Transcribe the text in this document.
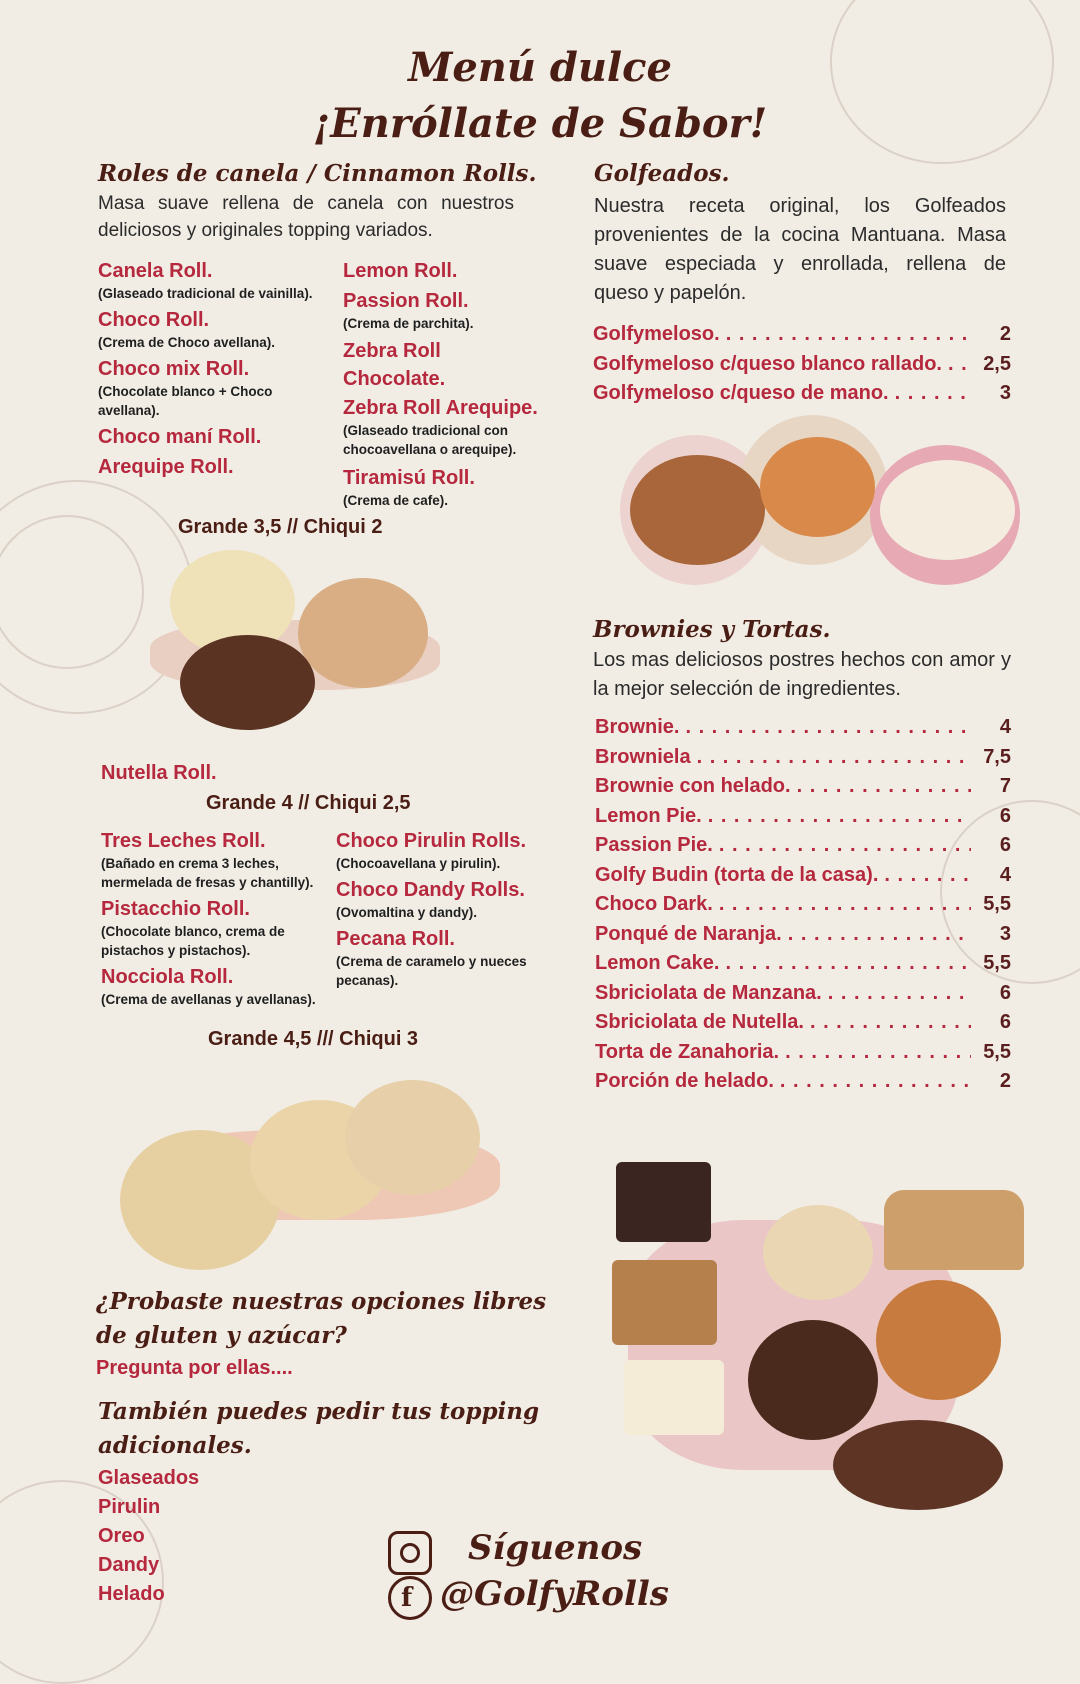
Menú dulce
¡Enróllate de Sabor!
Roles de canela / Cinnamon Rolls.
Masa suave rellena de canela con nuestros deliciosos y originales topping variados.
Canela Roll.
(Glaseado tradicional de vainilla).
Choco Roll.
(Crema de Choco avellana).
Choco mix Roll.
(Chocolate blanco + Choco avellana).
Choco maní Roll.
Arequipe Roll.
Lemon Roll.
Passion Roll.
(Crema de parchita).
Zebra Roll Chocolate.
Zebra Roll Arequipe.
(Glaseado tradicional con chocoavellana o arequipe).
Tiramisú Roll.
(Crema de cafe).
Grande 3,5 // Chiqui 2
Nutella Roll.
Grande 4 // Chiqui 2,5
Tres Leches Roll.
(Bañado en crema 3 leches, mermelada de fresas y chantilly).
Pistacchio Roll.
(Chocolate blanco, crema de pistachos y pistachos).
Nocciola Roll.
(Crema de avellanas y avellanas).
Choco Pirulin Rolls.
(Chocoavellana y pirulin).
Choco Dandy Rolls.
(Ovomaltina y dandy).
Pecana Roll.
(Crema de caramelo y nueces pecanas).
Grande 4,5 /// Chiqui 3
¿Probaste nuestras opciones libres
de gluten y azúcar?
Pregunta por ellas....
También puedes pedir tus topping
adicionales.
Glaseados
Pirulin
Oreo
Dandy
Helado
Golfeados.
Nuestra receta original, los Golfeados provenientes de la cocina Mantuana. Masa suave especiada y enrollada, rellena de queso y papelón.
Golfymeloso. . . .	2
Golfymeloso c/queso blanco rallado. . . .	2,5
Golfymeloso c/queso de mano. . . .	3
Brownies y Tortas.
Los mas deliciosos postres hechos con amor y la mejor selección de ingredientes.
Brownie. . . .	4
Browniela . . .	7,5
Brownie con helado. . . .	7
Lemon Pie. . . .	6
Passion Pie. . . .	6
Golfy Budin (torta de la casa). . . .	4
Choco Dark. . . .	5,5
Ponqué de Naranja. . . .	3
Lemon Cake. . . .	5,5
Sbriciolata de Manzana. . . .	6
Sbriciolata de Nutella. . . .	6
Torta de Zanahoria. . . .	5,5
Porción de helado. . . .	2
f
Síguenos
@GolfyRolls
